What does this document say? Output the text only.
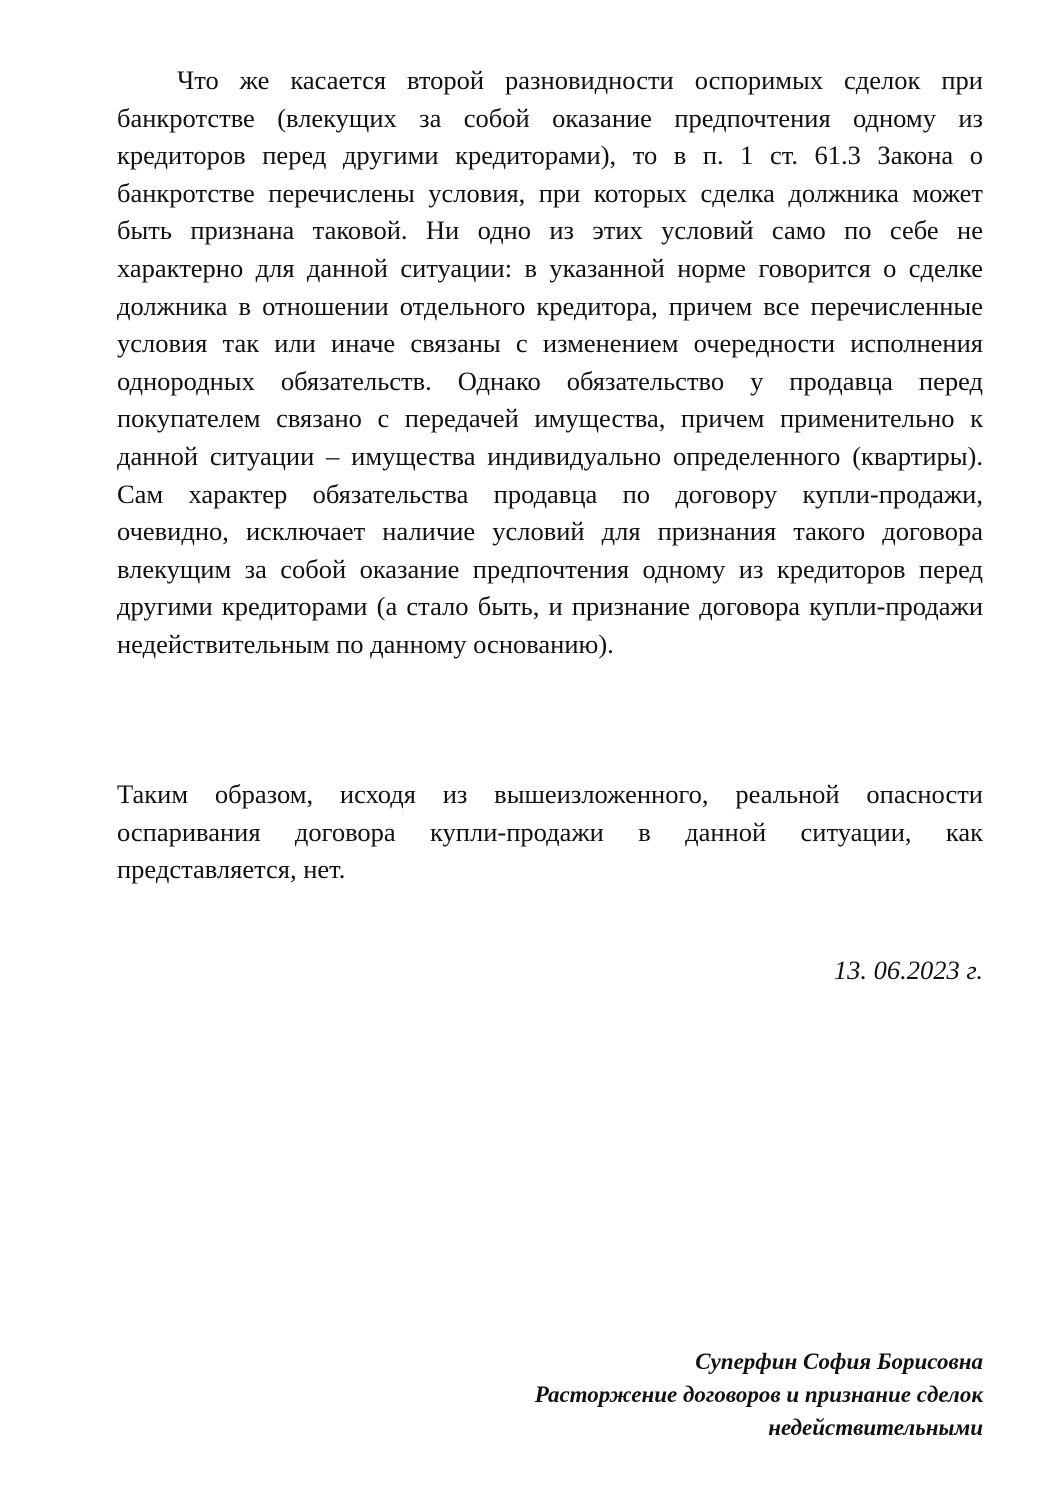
Что же касается второй разновидности оспоримых сделок при банкротстве (влекущих за собой оказание предпочтения одному из кредиторов перед другими кредиторами), то в п. 1 ст. 61.3 Закона о банкротстве перечислены условия, при которых сделка должника может быть признана таковой. Ни одно из этих условий само по себе не характерно для данной ситуации: в указанной норме говорится о сделке должника в отношении отдельного кредитора, причем все перечисленные условия так или иначе связаны с изменением очередности исполнения однородных обязательств. Однако обязательство у продавца перед покупателем связано с передачей имущества, причем применительно к данной ситуации – имущества индивидуально определенного (квартиры). Сам характер обязательства продавца по договору купли-продажи, очевидно, исключает наличие условий для признания такого договора влекущим за собой оказание предпочтения одному из кредиторов перед другими кредиторами (а стало быть, и признание договора купли-продажи недействительным по данному основанию).

Таким образом, исходя из вышеизложенного, реальной опасности оспаривания договора купли-продажи в данной ситуации, как представляется, нет.

13. 06.2023 г.

Суперфин София Борисовна
Расторжение договоров и признание сделок
недействительными
